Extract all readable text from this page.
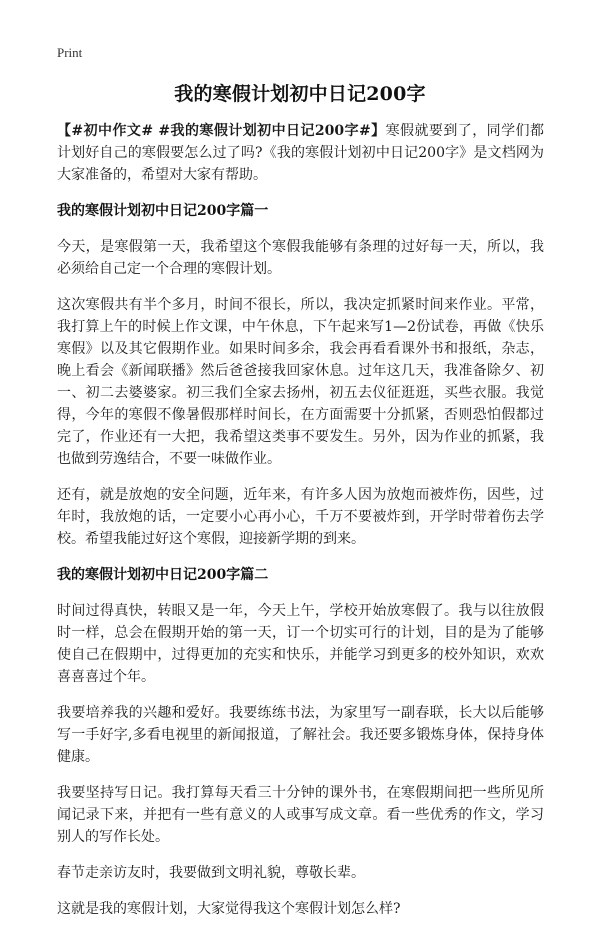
Print

我的寒假计划初中日记200字

【#初中作文# #我的寒假计划初中日记200字#】寒假就要到了，同学们都计划好自己的寒假要怎么过了吗?《我的寒假计划初中日记200字》是文档网为大家准备的，希望对大家有帮助。

我的寒假计划初中日记200字篇一

今天，是寒假第一天，我希望这个寒假我能够有条理的过好每一天，所以，我必须给自己定一个合理的寒假计划。

这次寒假共有半个多月，时间不很长，所以，我决定抓紧时间来作业。平常，我打算上午的时候上作文课，中午休息，下午起来写1—2份试卷，再做《快乐寒假》以及其它假期作业。如果时间多余，我会再看看课外书和报纸，杂志，晚上看会《新闻联播》然后爸爸接我回家休息。过年这几天，我准备除夕、初一、初二去婆婆家。初三我们全家去扬州，初五去仪征逛逛，买些衣服。我觉得，今年的寒假不像暑假那样时间长，在方面需要十分抓紧，否则恐怕假都过完了，作业还有一大把，我希望这类事不要发生。另外，因为作业的抓紧，我也做到劳逸结合，不要一味做作业。

还有，就是放炮的安全问题，近年来，有许多人因为放炮而被炸伤，因些，过年时，我放炮的话，一定要小心再小心，千万不要被炸到，开学时带着伤去学校。希望我能过好这个寒假，迎接新学期的到来。

我的寒假计划初中日记200字篇二

时间过得真快，转眼又是一年，今天上午，学校开始放寒假了。我与以往放假时一样，总会在假期开始的第一天，订一个切实可行的计划，目的是为了能够使自己在假期中，过得更加的充实和快乐，并能学习到更多的校外知识，欢欢喜喜喜过个年。

我要培养我的兴趣和爱好。我要练练书法，为家里写一副春联，长大以后能够写一手好字,多看电视里的新闻报道，了解社会。我还要多锻炼身体，保持身体健康。

我要坚持写日记。我打算每天看三十分钟的课外书，在寒假期间把一些所见所闻记录下来，并把有一些有意义的人或事写成文章。看一些优秀的作文，学习别人的写作长处。

春节走亲访友时，我要做到文明礼貌，尊敬长辈。

这就是我的寒假计划，大家觉得我这个寒假计划怎么样?
